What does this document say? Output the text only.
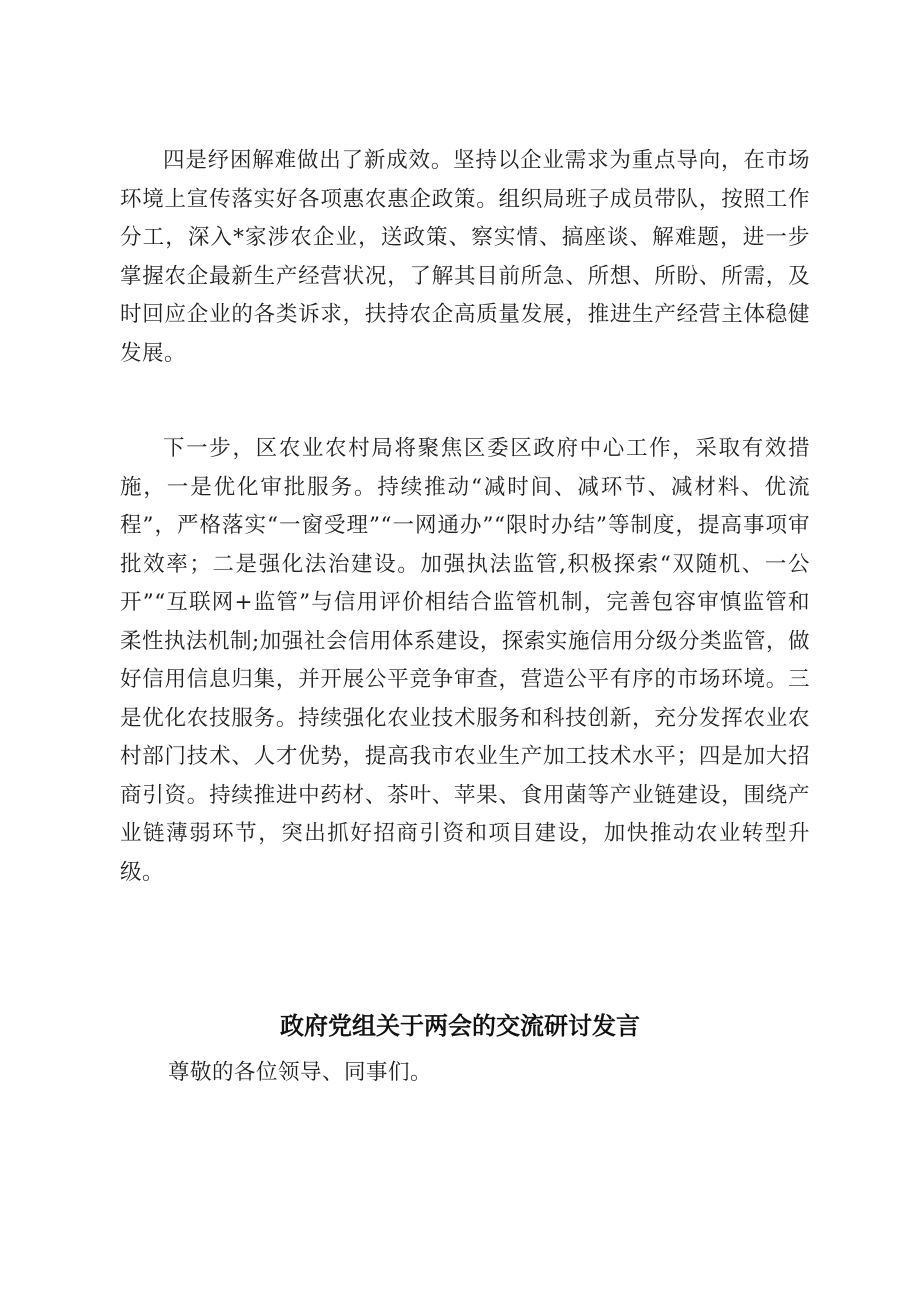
四是纾困解难做出了新成效。坚持以企业需求为重点导向，在市场环境上宣传落实好各项惠农惠企政策。组织局班子成员带队，按照工作分工，深入*家涉农企业，送政策、察实情、搞座谈、解难题，进一步掌握农企最新生产经营状况，了解其目前所急、所想、所盼、所需，及时回应企业的各类诉求，扶持农企高质量发展，推进生产经营主体稳健发展。

下一步，区农业农村局将聚焦区委区政府中心工作，采取有效措施，一是优化审批服务。持续推动“减时间、减环节、减材料、优流程”，严格落实“一窗受理”“一网通办”“限时办结”等制度，提高事项审批效率；二是强化法治建设。加强执法监管,积极探索“双随机、一公开”“互联网+监管”与信用评价相结合监管机制，完善包容审慎监管和柔性执法机制;加强社会信用体系建设，探索实施信用分级分类监管，做好信用信息归集，并开展公平竞争审查，营造公平有序的市场环境。三是优化农技服务。持续强化农业技术服务和科技创新，充分发挥农业农村部门技术、人才优势，提高我市农业生产加工技术水平；四是加大招商引资。持续推进中药材、茶叶、苹果、食用菌等产业链建设，围绕产业链薄弱环节，突出抓好招商引资和项目建设，加快推动农业转型升级。

政府党组关于两会的交流研讨发言

尊敬的各位领导、同事们。
